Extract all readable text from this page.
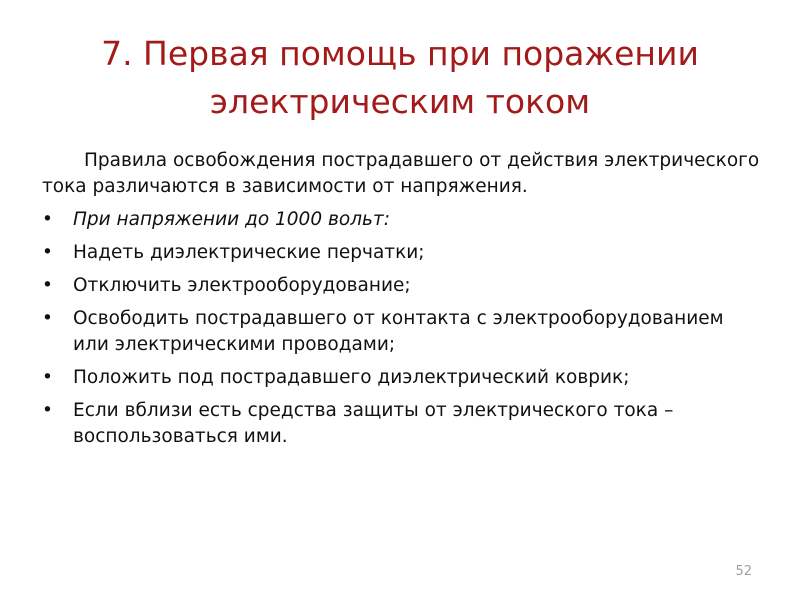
7. Первая помощь при поражении
электрическим током

Правила освобождения пострадавшего от действия электрического тока различаются в зависимости от напряжения.

• При напряжении до 1000 вольт:
• Надеть диэлектрические перчатки;
• Отключить электрооборудование;
• Освободить пострадавшего от контакта с электрооборудованием или электрическими проводами;
• Положить под пострадавшего диэлектрический коврик;
• Если вблизи есть средства защиты от электрического тока – воспользоваться ими.
52
